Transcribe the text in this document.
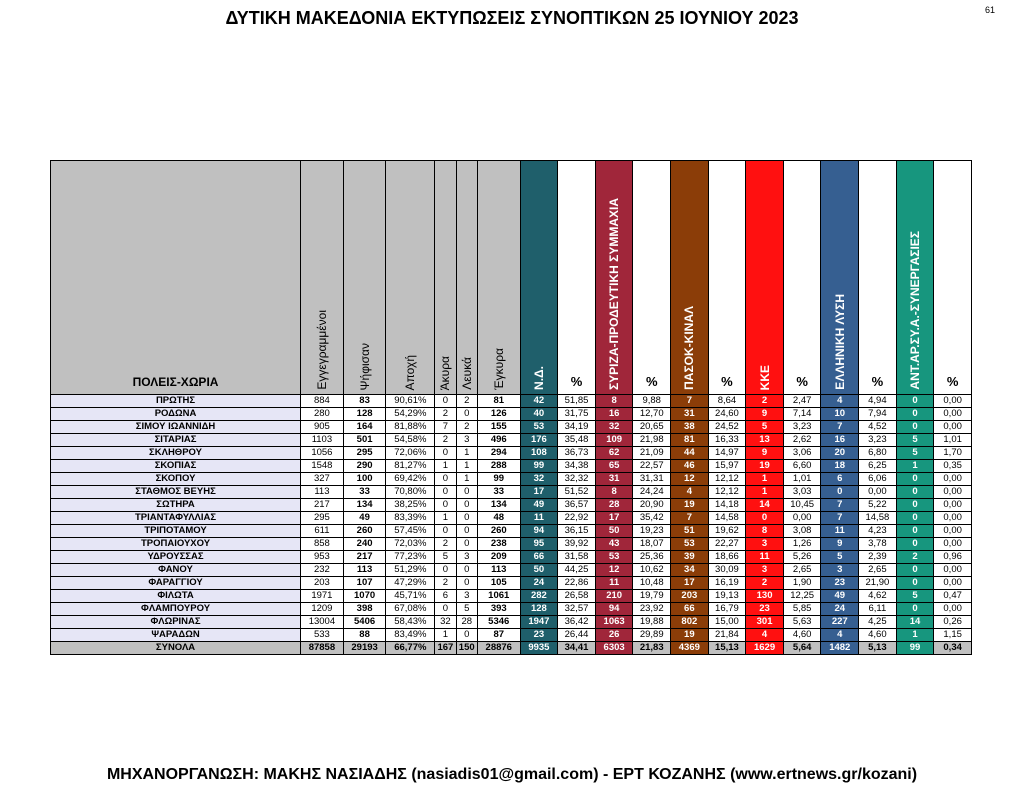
ΔΥΤΙΚΗ ΜΑΚΕΔΟΝΙΑ ΕΚΤΥΠΩΣΕΙΣ ΣΥΝΟΠΤΙΚΩΝ 25 ΙΟΥΝΙΟΥ 2023	61
ΠΟΛΕΙΣ-ΧΩΡΙΑ	Εγγεγραμμένοι	Ψήφισαν	Αποχή	Άκυρα	Λευκά	Έγκυρα	Ν.Δ.	%	ΣΥΡΙΖΑ-ΠΡΟΔΕΥΤΙΚΗ ΣΥΜΜΑΧΙΑ	%	ΠΑΣΟΚ-ΚΙΝΑΛ	%	ΚΚΕ	%	ΕΛΛΗΝΙΚΗ ΛΥΣΗ	%	ΑΝΤ.ΑΡ.ΣΥ.Α.-ΣΥΝΕΡΓΑΣΙΕΣ	%
ΠΡΩΤΗΣ	884	83	90,61%	0	2	81	42	51,85	8	9,88	7	8,64	2	2,47	4	4,94	0	0,00
ΡΟΔΩΝΑ	280	128	54,29%	2	0	126	40	31,75	16	12,70	31	24,60	9	7,14	10	7,94	0	0,00
ΣΙΜΟΥ ΙΩΑΝΝΙΔΗ	905	164	81,88%	7	2	155	53	34,19	32	20,65	38	24,52	5	3,23	7	4,52	0	0,00
ΣΙΤΑΡΙΑΣ	1103	501	54,58%	2	3	496	176	35,48	109	21,98	81	16,33	13	2,62	16	3,23	5	1,01
ΣΚΛΗΘΡΟΥ	1056	295	72,06%	0	1	294	108	36,73	62	21,09	44	14,97	9	3,06	20	6,80	5	1,70
ΣΚΟΠΙΑΣ	1548	290	81,27%	1	1	288	99	34,38	65	22,57	46	15,97	19	6,60	18	6,25	1	0,35
ΣΚΟΠΟΥ	327	100	69,42%	0	1	99	32	32,32	31	31,31	12	12,12	1	1,01	6	6,06	0	0,00
ΣΤΑΘΜΟΣ ΒΕΥΗΣ	113	33	70,80%	0	0	33	17	51,52	8	24,24	4	12,12	1	3,03	0	0,00	0	0,00
ΣΩΤΗΡΑ	217	134	38,25%	0	0	134	49	36,57	28	20,90	19	14,18	14	10,45	7	5,22	0	0,00
ΤΡΙΑΝΤΑΦΥΛΛΙΑΣ	295	49	83,39%	1	0	48	11	22,92	17	35,42	7	14,58	0	0,00	7	14,58	0	0,00
ΤΡΙΠΟΤΑΜΟΥ	611	260	57,45%	0	0	260	94	36,15	50	19,23	51	19,62	8	3,08	11	4,23	0	0,00
ΤΡΟΠΑΙΟΥΧΟΥ	858	240	72,03%	2	0	238	95	39,92	43	18,07	53	22,27	3	1,26	9	3,78	0	0,00
ΥΔΡΟΥΣΣΑΣ	953	217	77,23%	5	3	209	66	31,58	53	25,36	39	18,66	11	5,26	5	2,39	2	0,96
ΦΑΝΟΥ	232	113	51,29%	0	0	113	50	44,25	12	10,62	34	30,09	3	2,65	3	2,65	0	0,00
ΦΑΡΑΓΓΙΟΥ	203	107	47,29%	2	0	105	24	22,86	11	10,48	17	16,19	2	1,90	23	21,90	0	0,00
ΦΙΛΩΤΑ	1971	1070	45,71%	6	3	1061	282	26,58	210	19,79	203	19,13	130	12,25	49	4,62	5	0,47
ΦΛΑΜΠΟΥΡΟΥ	1209	398	67,08%	0	5	393	128	32,57	94	23,92	66	16,79	23	5,85	24	6,11	0	0,00
ΦΛΩΡΙΝΑΣ	13004	5406	58,43%	32	28	5346	1947	36,42	1063	19,88	802	15,00	301	5,63	227	4,25	14	0,26
ΨΑΡΑΔΩΝ	533	88	83,49%	1	0	87	23	26,44	26	29,89	19	21,84	4	4,60	4	4,60	1	1,15
ΣΥΝΟΛΑ	87858	29193	66,77%	167	150	28876	9935	34,41	6303	21,83	4369	15,13	1629	5,64	1482	5,13	99	0,34
ΜΗΧΑΝΟΡΓΑΝΩΣΗ: ΜΑΚΗΣ ΝΑΣΙΑΔΗΣ (nasiadis01@gmail.com) - ΕΡΤ ΚΟΖΑΝΗΣ (www.ertnews.gr/kozani)
